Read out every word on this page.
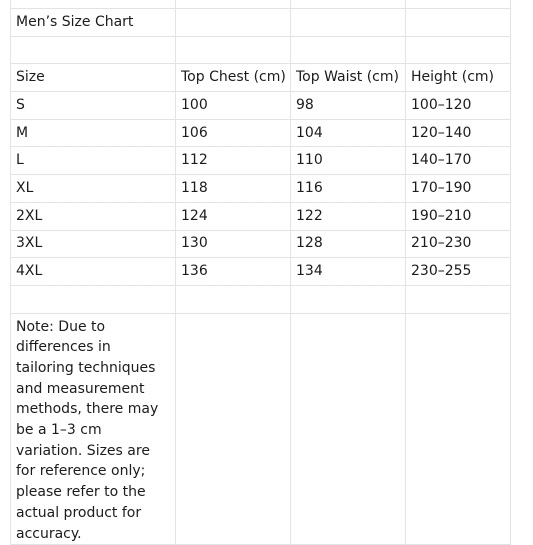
Men’s Size Chart			

Size	Top Chest (cm)	Top Waist (cm)	Height (cm)
S	100	98	100–120
M	106	104	120–140
L	112	110	140–170
XL	118	116	170–190
2XL	124	122	190–210
3XL	130	128	210–230
4XL	136	134	230–255

Note: Due to differences in tailoring techniques and measurement methods, there may be a 1–3 cm variation. Sizes are for reference only; please refer to the actual product for accuracy.			
